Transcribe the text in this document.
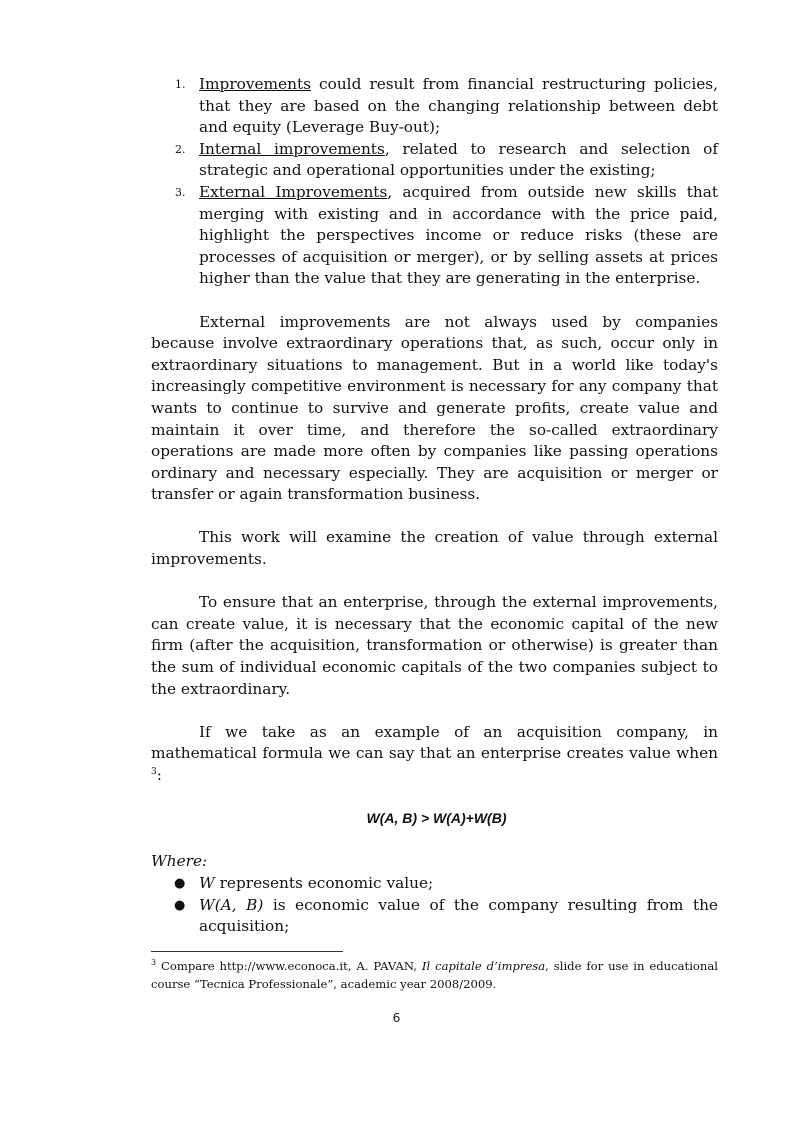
1. Improvements could result from financial restructuring policies, that they are based on the changing relationship between debt and equity (Leverage Buy-out);
2. Internal improvements, related to research and selection of strategic and operational opportunities under the existing;
3. External Improvements, acquired from outside new skills that merging with existing and in accordance with the price paid, highlight the perspectives income or reduce risks (these are processes of acquisition or merger), or by selling assets at prices higher than the value that they are generating in the enterprise.

External improvements are not always used by companies because involve extraordinary operations that, as such, occur only in extraordinary situations to management. But in a world like today's increasingly competitive environment is necessary for any company that wants to continue to survive and generate profits, create value and maintain it over time, and therefore the so-called extraordinary operations are made more often by companies like passing operations ordinary and necessary especially. They are acquisition or merger or transfer or again transformation business.

This work will examine the creation of value through external improvements.

To ensure that an enterprise, through the external improvements, can create value, it is necessary that the economic capital of the new firm (after the acquisition, transformation or otherwise) is greater than the sum of individual economic capitals of the two companies subject to the extraordinary.

If we take as an example of an acquisition company, in mathematical formula we can say that an enterprise creates value when $^3$:

W(A, B) > W(A)+W(B)
Where:
● W represents economic value;
● W(A, B) is economic value of the company resulting from the acquisition;
$^3$ Compare http://www.econoca.it, A. PAVAN, Il capitale d’impresa, slide for use in educational course “Tecnica Professionale”, academic year 2008/2009.
6
